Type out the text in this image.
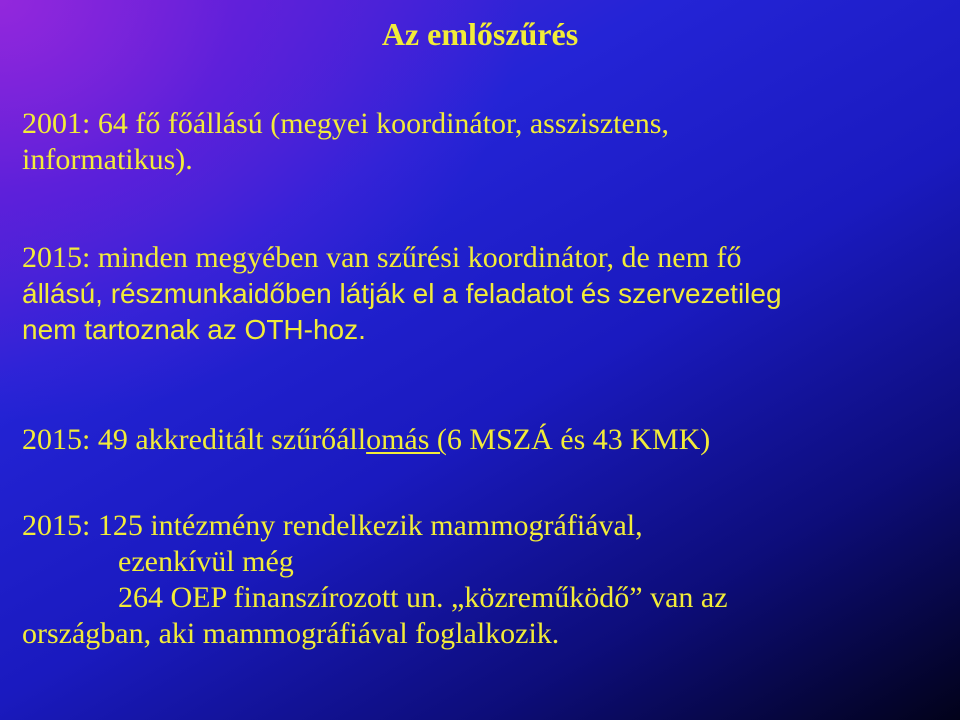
Az emlőszűrés

2001: 64 fő főállású (megyei koordinátor, asszisztens,
informatikus).

2015: minden megyében van szűrési koordinátor, de nem fő
állású, részmunkaidőben látják el a feladatot és szervezetileg
nem tartoznak az OTH-hoz.

2015: 49 akkreditált szűrőállomás (6 MSZÁ és 43 KMK)

2015: 125 intézmény rendelkezik mammográfiával,
ezenkívül még
264 OEP finanszírozott un. „közreműködő” van az
országban, aki mammográfiával foglalkozik.
